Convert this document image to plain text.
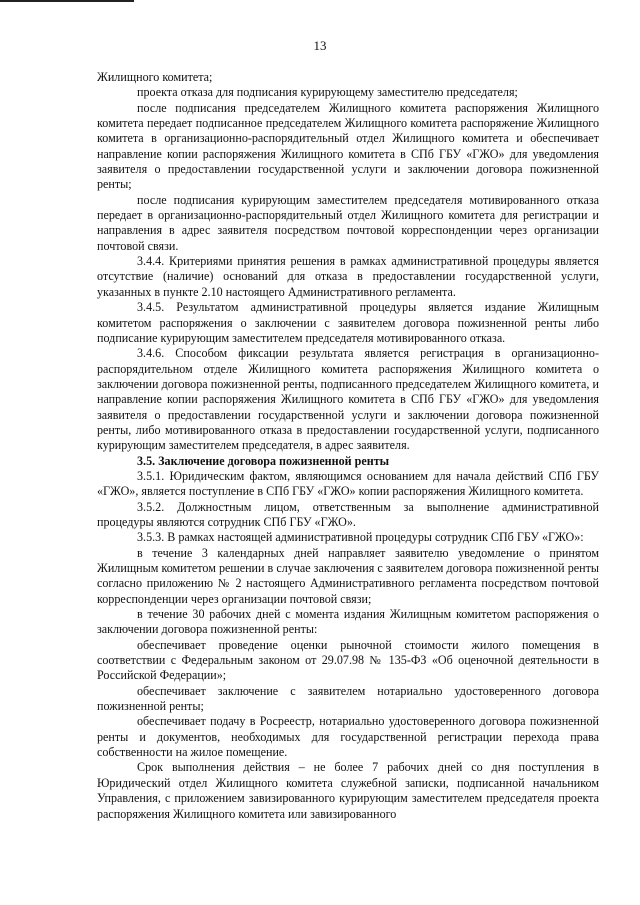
13

Жилищного комитета;

проекта отказа для подписания курирующему заместителю председателя;

после подписания председателем Жилищного комитета распоряжения Жилищного комитета передает подписанное председателем Жилищного комитета распоряжение Жилищного комитета в организационно-распорядительный отдел Жилищного комитета и обеспечивает направление копии распоряжения Жилищного комитета в СПб ГБУ «ГЖО» для уведомления заявителя о предоставлении государственной услуги и заключении договора пожизненной ренты;

после подписания курирующим заместителем председателя мотивированного отказа передает в организационно-распорядительный отдел Жилищного комитета для регистрации и направления в адрес заявителя посредством почтовой корреспонденции через организации почтовой связи.

3.4.4. Критериями принятия решения в рамках административной процедуры является отсутствие (наличие) оснований для отказа в предоставлении государственной услуги, указанных в пункте 2.10 настоящего Административного регламента.

3.4.5. Результатом административной процедуры является издание Жилищным комитетом распоряжения о заключении с заявителем договора пожизненной ренты либо подписание курирующим заместителем председателя мотивированного отказа.

3.4.6. Способом фиксации результата является регистрация в организационно-распорядительном отделе Жилищного комитета распоряжения Жилищного комитета о заключении договора пожизненной ренты, подписанного председателем Жилищного комитета, и направление копии распоряжения Жилищного комитета в СПб ГБУ «ГЖО» для уведомления заявителя о предоставлении государственной услуги и заключении договора пожизненной ренты, либо мотивированного отказа в предоставлении государственной услуги, подписанного курирующим заместителем председателя, в адрес заявителя.

3.5. Заключение договора пожизненной ренты

3.5.1. Юридическим фактом, являющимся основанием для начала действий СПб ГБУ «ГЖО», является поступление в СПб ГБУ «ГЖО» копии распоряжения Жилищного комитета.

3.5.2. Должностным лицом, ответственным за выполнение административной процедуры являются сотрудник СПб ГБУ «ГЖО».

3.5.3. В рамках настоящей административной процедуры сотрудник СПб ГБУ «ГЖО»:

в течение 3 календарных дней направляет заявителю уведомление о принятом Жилищным комитетом решении в случае заключения с заявителем договора пожизненной ренты согласно приложению № 2 настоящего Административного регламента посредством почтовой корреспонденции через организации почтовой связи;

в течение 30 рабочих дней с момента издания Жилищным комитетом распоряжения о заключении договора пожизненной ренты:

обеспечивает проведение оценки рыночной стоимости жилого помещения в соответствии с Федеральным законом от 29.07.98 № 135-ФЗ «Об оценочной деятельности в Российской Федерации»;

обеспечивает заключение с заявителем нотариально удостоверенного договора пожизненной ренты;

обеспечивает подачу в Росреестр, нотариально удостоверенного договора пожизненной ренты и документов, необходимых для государственной регистрации перехода права собственности на жилое помещение.

Срок выполнения действия – не более 7 рабочих дней со дня поступления в Юридический отдел Жилищного комитета служебной записки, подписанной начальником Управления, с приложением завизированного курирующим заместителем председателя проекта распоряжения Жилищного комитета или завизированного
